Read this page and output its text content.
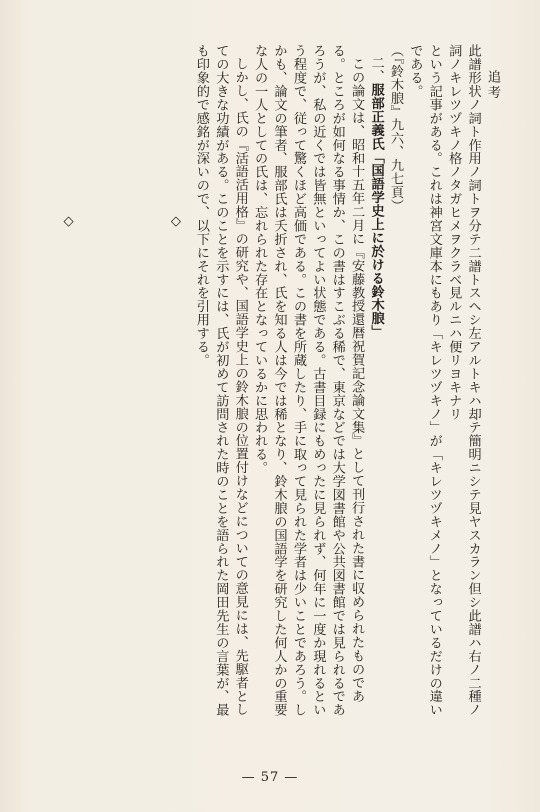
追考

此譜形状ノ詞ト作用ノ詞トヲ分テ二譜トスヘシ左アルトキハ却テ簡明ニシテ見ヤスカラン但シ此譜ハ右ノ二種ノ詞ノキレツヅキノ格ノタガヒメヲクラベ見ルニハ便リヨキナリ

という記事がある。これは神宮文庫本にもあり「キレツヅキノ」が「キレツヅキメノ」となっているだけの違いである。

（『鈴木朖』九六、九七頁）

二、服部正義氏「国語学史上に於ける鈴木朖」

この論文は、昭和十五年二月に『安藤教授還暦祝賀記念論文集』として刊行された書に収められたものである。ところが如何なる事情か、この書はすこぶる稀で、東京などでは大学図書館や公共図書館では見られるであろうが、私の近くでは皆無といってよい状態である。古書目録にもめったに見られず、何年に一度か現れるという程度で、従って驚くほど高価である。この書を所蔵したり、手に取って見られた学者は少いことであろう。しかも、論文の筆者、服部氏は夭折され、氏を知る人は今では稀となり、鈴木朖の国語学を研究した何人かの重要な人の一人としての氏は、忘れられた存在となっているかに思われる。

しかし、氏の『活語活用格』の研究や、国語学史上の鈴木朖の位置付けなどについての意見には、先駆者としての大きな功績がある。このことを示すには、氏が初めて訪問された時のことを語られた岡田先生の言葉が、最も印象的で感銘が深いので、以下にそれを引用する。

◇
◇

— 57 —
